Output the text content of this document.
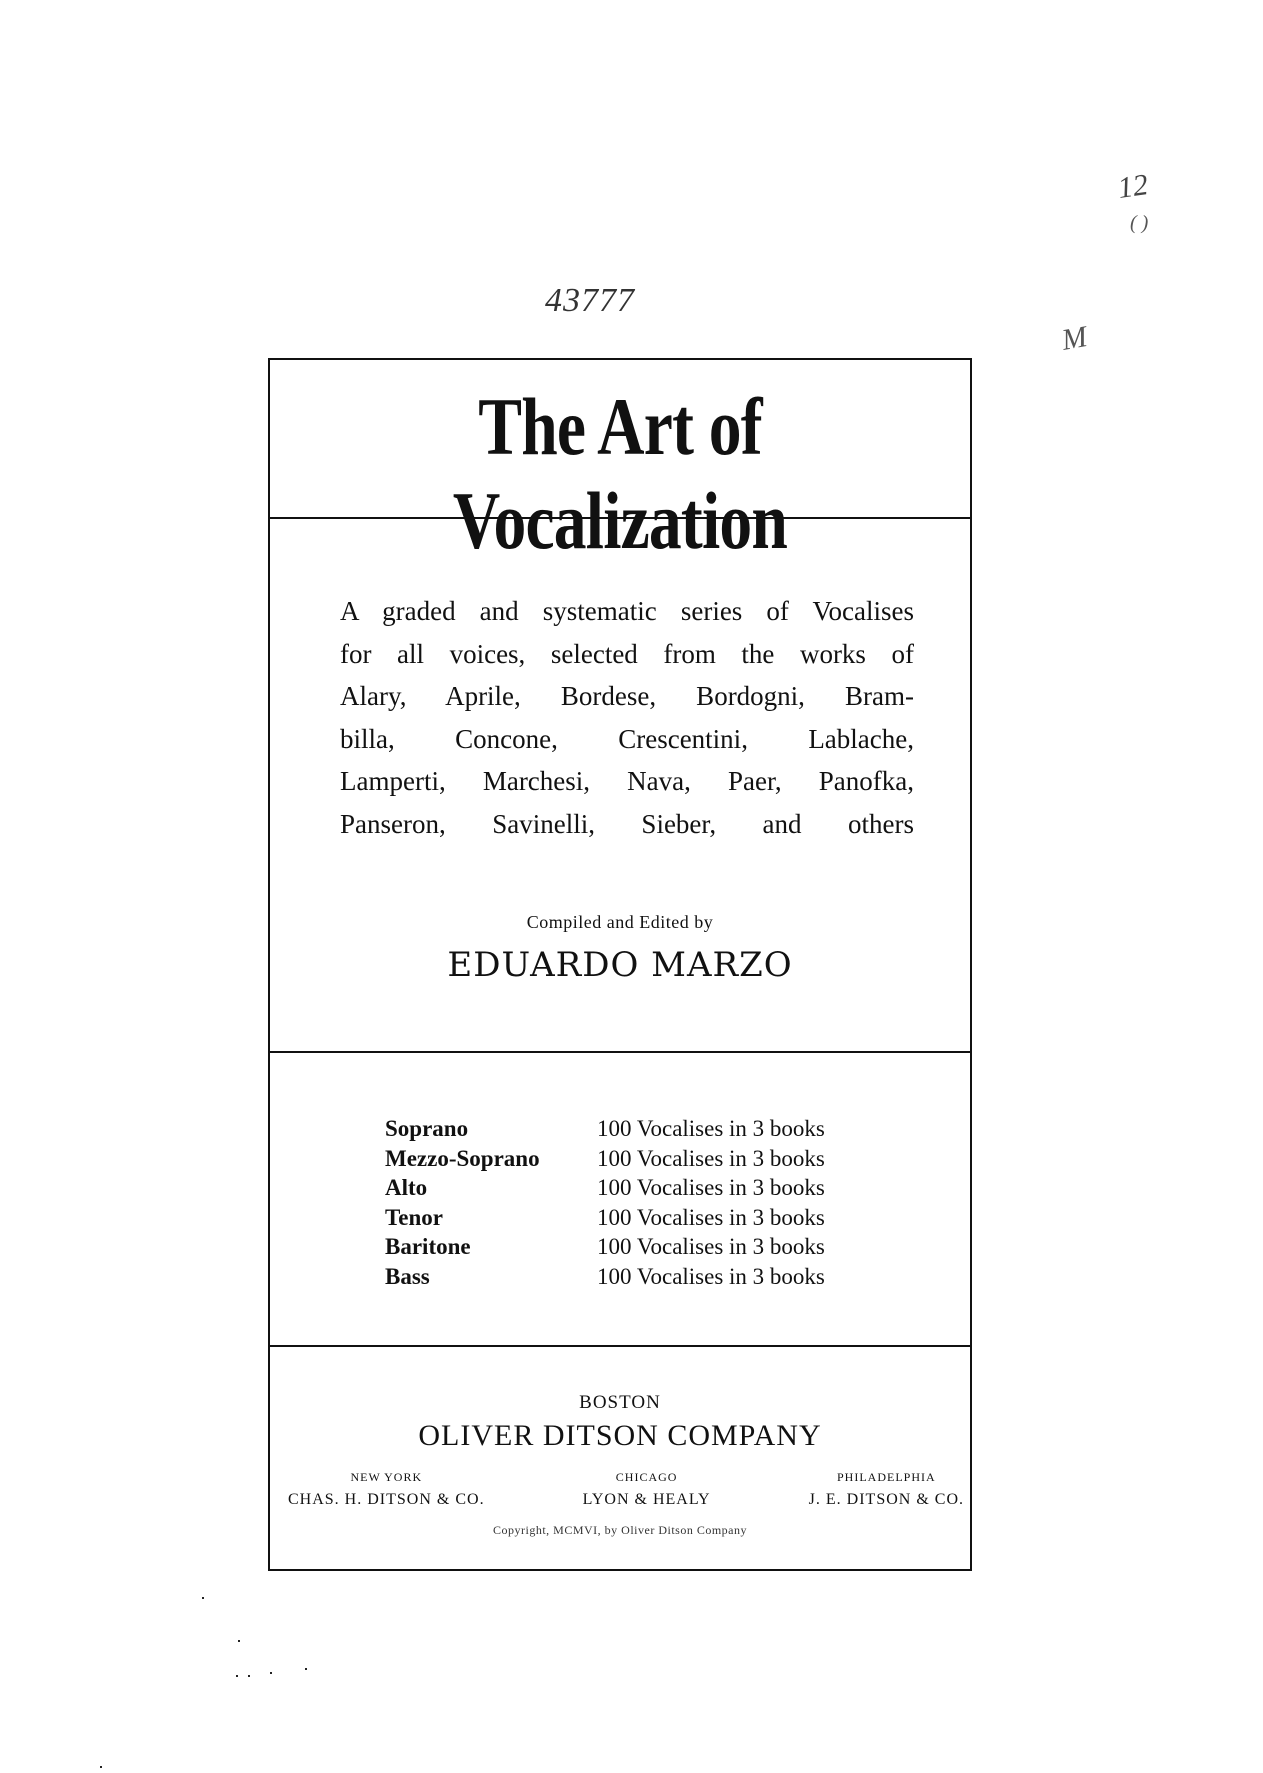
43777
12
( )
M
The Art of Vocalization
A graded and systematic series of Vocalises
for all voices, selected from the works of
Alary, Aprile, Bordese, Bordogni, Bram-
billa, Concone, Crescentini, Lablache,
Lamperti, Marchesi, Nava, Paer, Panofka,
Panseron, Savinelli, Sieber, and others
Compiled and Edited by
EDUARDO MARZO
Soprano	100 Vocalises in 3 books
Mezzo-Soprano	100 Vocalises in 3 books
Alto	100 Vocalises in 3 books
Tenor	100 Vocalises in 3 books
Baritone	100 Vocalises in 3 books
Bass	100 Vocalises in 3 books
BOSTON
OLIVER DITSON COMPANY
NEW YORK
CHAS. H. DITSON & CO.
CHICAGO
LYON & HEALY
PHILADELPHIA
J. E. DITSON & CO.
Copyright, MCMVI, by Oliver Ditson Company
